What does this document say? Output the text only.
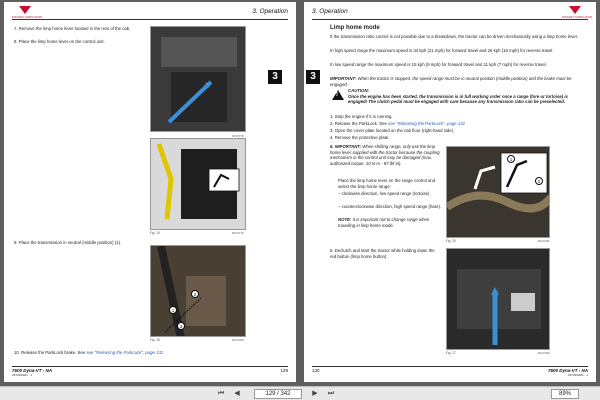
MASSEY FERGUSON
3. Operation
7. Remove the limp home lever located in the rear of the cab.
8. Place the limp home lever on the control unit.
0017178
Fig. 24	0017179
9. Place the transmission in neutral (middle position) (1).
2
1
3
Fig. 25	0017180
10. Release the ParkLock brake. See see "Releasing the ParkLock", page 132
3
7600 Dyna-VT - NA
4370394M1 - 1
129
3. Operation
MASSEY FERGUSON
3
Limp home mode
If the transmission ratio control is not possible due to a breakdown, the tractor can be driven mechanically using a limp home lever.
In high speed range the maximum speed is 34 kph (21 mph) for forward travel and 26 kph (16 mph) for reverse travel.
In low speed range the maximum speed is 15 kph (9 mph) for forward travel and 11 kph (7 mph) for reverse travel.
IMPORTANT: When the tractor is stopped, the speed range must be in neutral position (middle position) and the brake must be engaged.
!
CAUTION:
Once the engine has been started, the transmission is in full working order once a range (fore or tortoise) is engaged! The clutch pedal must be engaged with care because any transmission ratio can be preselected.
1. Stop the engine if it is running.
2. Release the ParkLock. See see "Releasing the ParkLock", page 132
3. Open the cover plate located on the cab floor (right-hand side).
4. Remove the protective plate.
5. IMPORTANT: When shifting range, only use the limp home lever supplied with the tractor because the coupling mechanism in the control unit may be damaged (max. authorized torque: 10 N·m - 87 lbf·in).
Place the limp home lever on the range control and select the limp home range:
– clockwise direction, low speed range (tortoise)
– counterclockwise direction, high speed range (hare).
NOTE: It is important not to change range when travelling in limp home mode.
1
2
Fig. 26	0017181
6. Declutch and start the tractor while holding down the red button (limp home button).
Fig. 27	0017182
130	7600 Dyna-VT - NA
4370394M1 - 1
⏮	◀	129 / 342	▶	⏭	89%
